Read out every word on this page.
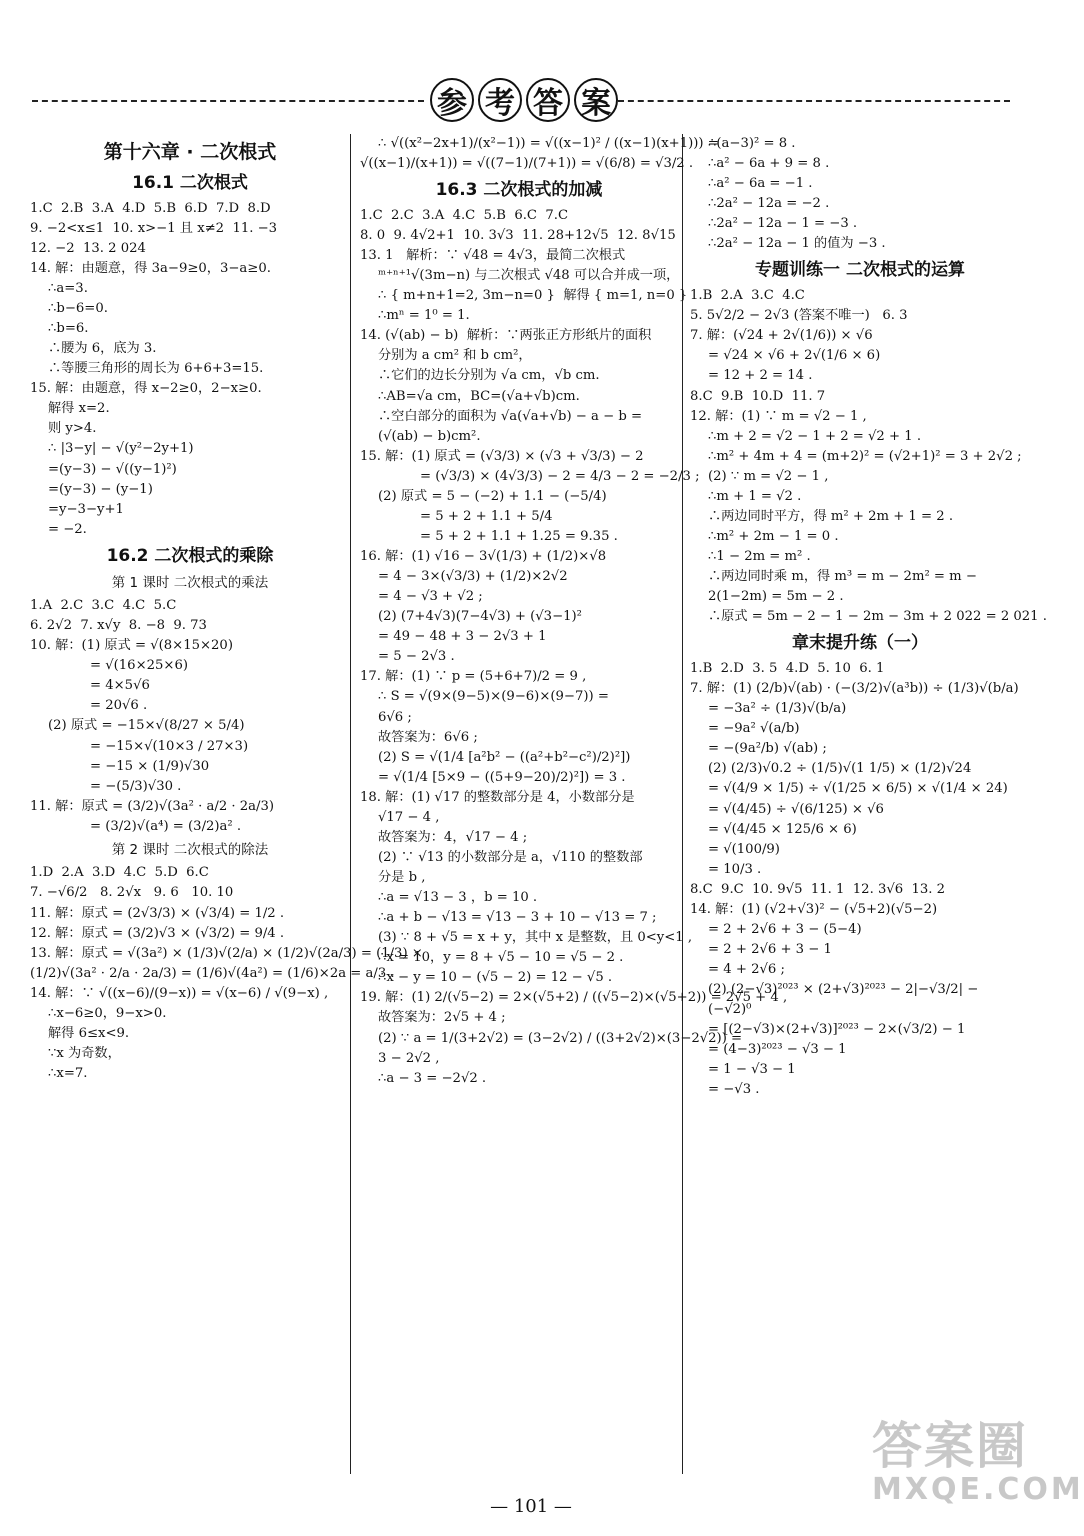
参 考 答 案
第十六章 · 二次根式
16.1 二次根式
1.C  2.B  3.A  4.D  5.B  6.D  7.D  8.D
9. −2<x≤1  10. x>−1 且 x≠2  11. −3
12. −2  13. 2 024
14. 解：由题意，得 3a−9≥0，3−a≥0.
∴a=3.
∴b−6=0.
∴b=6.
∴腰为 6，底为 3.
∴等腰三角形的周长为 6+6+3=15.
15. 解：由题意，得 x−2≥0，2−x≥0.
解得 x=2.
则 y>4.
∴ |3−y| − √(y²−2y+1)
=(y−3) − √((y−1)²)
=(y−3) − (y−1)
=y−3−y+1
= −2.
16.2 二次根式的乘除
第 1 课时 二次根式的乘法
1.A  2.C  3.C  4.C  5.C
6. 2√2  7. x√y  8. −8  9. 73
10. 解：(1) 原式 = √(8×15×20)
= √(16×25×6)
= 4×5√6
= 20√6 .
(2) 原式 = −15×√(8/27 × 5/4)
= −15×√(10×3 / 27×3)
= −15 × (1/9)√30
= −(5/3)√30 .
11. 解：原式 = (3/2)√(3a² · a/2 · 2a/3)
= (3/2)√(a⁴) = (3/2)a² .
第 2 课时 二次根式的除法
1.D  2.A  3.D  4.C  5.D  6.C
7. −√6/2   8. 2√x   9. 6   10. 10
11. 解：原式 = (2√3/3) × (√3/4) = 1/2 .
12. 解：原式 = (3/2)√3 × (√3/2) = 9/4 .
13. 解：原式 = √(3a²) × (1/3)√(2/a) × (1/2)√(2a/3) = (1/3) ×
(1/2)√(3a² · 2/a · 2a/3) = (1/6)√(4a²) = (1/6)×2a = a/3 .
14. 解：∵ √((x−6)/(9−x)) = √(x−6) / √(9−x) ,
∴x−6≥0，9−x>0.
解得 6≤x<9.
∵x 为奇数，
∴x=7.
∴ √((x²−2x+1)/(x²−1)) = √((x−1)² / ((x−1)(x+1))) =
√((x−1)/(x+1)) = √((7−1)/(7+1)) = √(6/8) = √3/2 .
16.3 二次根式的加减
1.C  2.C  3.A  4.C  5.B  6.C  7.C
8. 0  9. 4√2+1  10. 3√3  11. 28+12√5  12. 8√15
13. 1   解析：∵ √48 = 4√3，最简二次根式
ᵐ⁺ⁿ⁺¹√(3m−n) 与二次根式 √48 可以合并成一项，
∴ { m+n+1=2, 3m−n=0 }  解得 { m=1, n=0 }
∴mⁿ = 1⁰ = 1.
14. (√(ab) − b)  解析：∵两张正方形纸片的面积
分别为 a cm² 和 b cm²，
∴它们的边长分别为 √a cm，√b cm.
∴AB=√a cm，BC=(√a+√b)cm.
∴空白部分的面积为 √a(√a+√b) − a − b =
(√(ab) − b)cm².
15. 解：(1) 原式 = (√3/3) × (√3 + √3/3) − 2
= (√3/3) × (4√3/3) − 2 = 4/3 − 2 = −2/3 ;
(2) 原式 = 5 − (−2) + 1.1 − (−5/4)
= 5 + 2 + 1.1 + 5/4
= 5 + 2 + 1.1 + 1.25 = 9.35 .
16. 解：(1) √16 − 3√(1/3) + (1/2)×√8
= 4 − 3×(√3/3) + (1/2)×2√2
= 4 − √3 + √2 ;
(2) (7+4√3)(7−4√3) + (√3−1)²
= 49 − 48 + 3 − 2√3 + 1
= 5 − 2√3 .
17. 解：(1) ∵ p = (5+6+7)/2 = 9 ,
∴ S = √(9×(9−5)×(9−6)×(9−7)) =
6√6 ;
故答案为：6√6 ;
(2) S = √(1/4 [a²b² − ((a²+b²−c²)/2)²])
= √(1/4 [5×9 − ((5+9−20)/2)²]) = 3 .
18. 解：(1) √17 的整数部分是 4，小数部分是
√17 − 4 ,
故答案为：4，√17 − 4 ;
(2) ∵ √13 的小数部分是 a，√110 的整数部
分是 b ,
∴a = √13 − 3 ，b = 10 .
∴a + b − √13 = √13 − 3 + 10 − √13 = 7 ;
(3) ∵ 8 + √5 = x + y，其中 x 是整数，且 0<y<1 ,
∴x = 10，y = 8 + √5 − 10 = √5 − 2 .
∴x − y = 10 − (√5 − 2) = 12 − √5 .
19. 解：(1) 2/(√5−2) = 2×(√5+2) / ((√5−2)×(√5+2)) = 2√5 + 4 ,
故答案为：2√5 + 4 ;
(2) ∵ a = 1/(3+2√2) = (3−2√2) / ((3+2√2)×(3−2√2)) =
3 − 2√2 ,
∴a − 3 = −2√2 .
∴(a−3)² = 8 .
∴a² − 6a + 9 = 8 .
∴a² − 6a = −1 .
∴2a² − 12a = −2 .
∴2a² − 12a − 1 = −3 .
∴2a² − 12a − 1 的值为 −3 .
专题训练一 二次根式的运算
1.B  2.A  3.C  4.C
5. 5√2/2 − 2√3 (答案不唯一)   6. 3
7. 解：(√24 + 2√(1/6)) × √6
= √24 × √6 + 2√(1/6 × 6)
= 12 + 2 = 14 .
8.C  9.B  10.D  11. 7
12. 解：(1) ∵ m = √2 − 1 ,
∴m + 2 = √2 − 1 + 2 = √2 + 1 .
∴m² + 4m + 4 = (m+2)² = (√2+1)² = 3 + 2√2 ;
(2) ∵ m = √2 − 1 ,
∴m + 1 = √2 .
∴两边同时平方，得 m² + 2m + 1 = 2 .
∴m² + 2m − 1 = 0 .
∴1 − 2m = m² .
∴两边同时乘 m，得 m³ = m − 2m² = m −
2(1−2m) = 5m − 2 .
∴原式 = 5m − 2 − 1 − 2m − 3m + 2 022 = 2 021 .
章末提升练（一）
1.B  2.D  3. 5  4.D  5. 10  6. 1
7. 解：(1) (2/b)√(ab) · (−(3/2)√(a³b)) ÷ (1/3)√(b/a)
= −3a² ÷ (1/3)√(b/a)
= −9a² √(a/b)
= −(9a²/b) √(ab) ;
(2) (2/3)√0.2 ÷ (1/5)√(1 1/5) × (1/2)√24
= √(4/9 × 1/5) ÷ √(1/25 × 6/5) × √(1/4 × 24)
= √(4/45) ÷ √(6/125) × √6
= √(4/45 × 125/6 × 6)
= √(100/9)
= 10/3 .
8.C  9.C  10. 9√5  11. 1  12. 3√6  13. 2
14. 解：(1) (√2+√3)² − (√5+2)(√5−2)
= 2 + 2√6 + 3 − (5−4)
= 2 + 2√6 + 3 − 1
= 4 + 2√6 ;
(2) (2−√3)²⁰²³ × (2+√3)²⁰²³ − 2|−√3/2| −
(−√2)⁰
= [(2−√3)×(2+√3)]²⁰²³ − 2×(√3/2) − 1
= (4−3)²⁰²³ − √3 − 1
= 1 − √3 − 1
= −√3 .
答案圈
MXQE.COM
— 101 —
